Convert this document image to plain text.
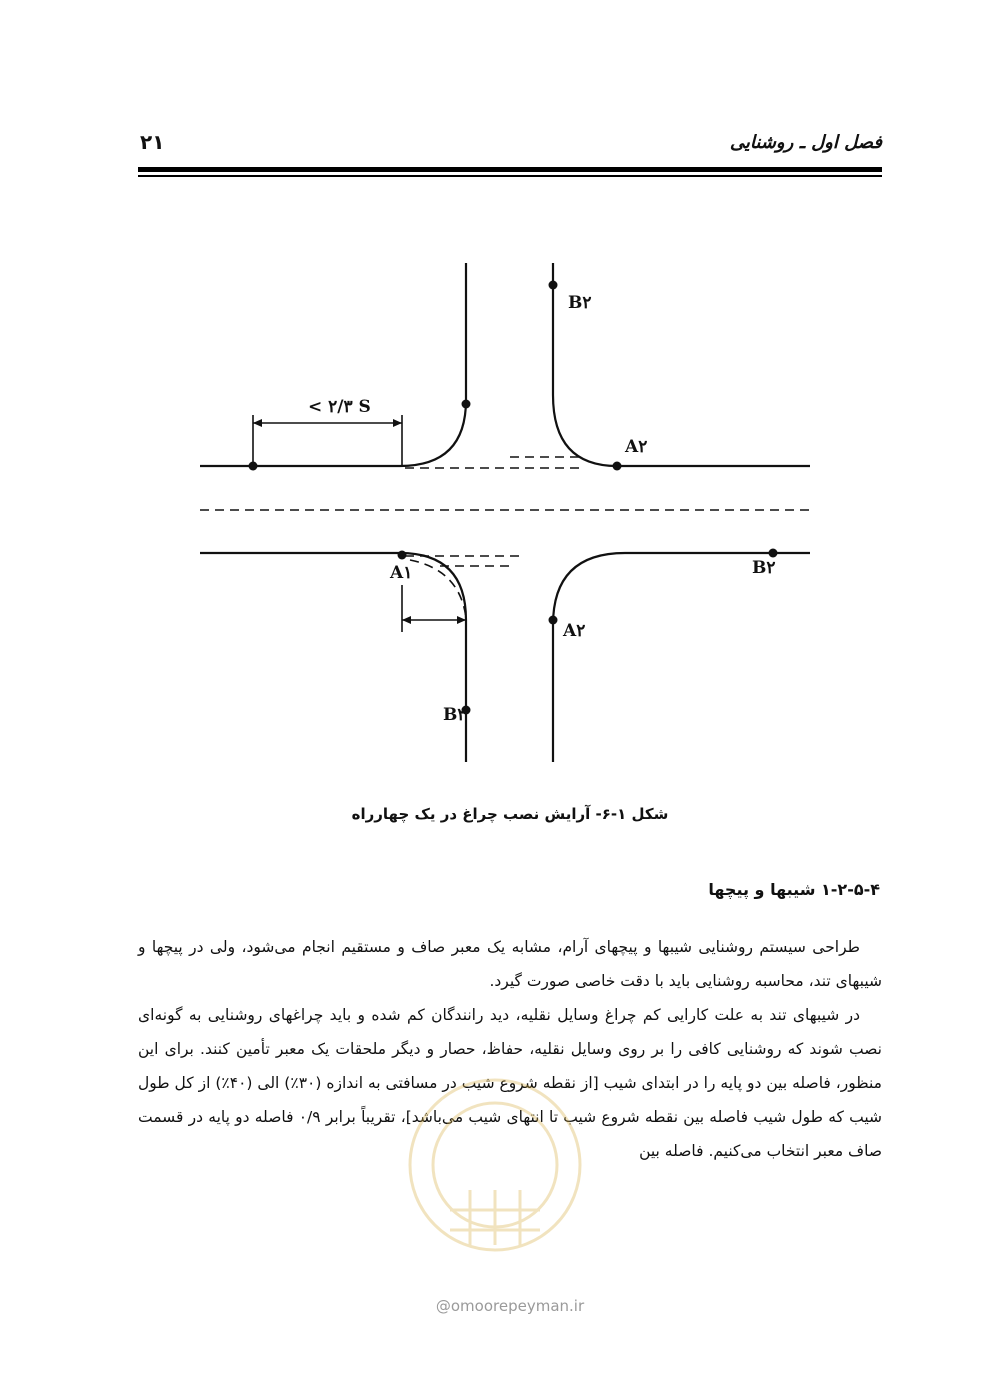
فصل اول ـ روشنایی
۲۱
< ۲/۳ S
B۲
A۲
A۱	B۲
A۲
B۲
شکل ۱-۶- آرایش نصب چراغ در یک چهارراه
۱-۲-۵-۴ شیبها و پیچها

طراحی سیستم روشنایی شیبها و پیچهای آرام، مشابه یک معبر صاف و مستقیم انجام می‌شود، ولی در پیچها و شیبهای تند، محاسبه روشنایی باید با دقت خاصی صورت گیرد.

در شیبهای تند به علت کارایی کم چراغ وسایل نقلیه، دید رانندگان کم شده و باید چراغهای روشنایی به گونه‌ای نصب شوند که روشنایی کافی را بر روی وسایل نقلیه، حفاظ، حصار و دیگر ملحقات یک معبر تأمین کنند. برای این منظور، فاصله بین دو پایه را در ابتدای شیب [از نقطه شروع شیب در مسافتی به اندازه (۳۰٪) الی (۴۰٪) از کل طول شیب که طول شیب فاصله بین نقطه شروع شیب تا انتهای شیب می‌باشد]، تقریباً برابر ۰/۹ فاصله دو پایه در قسمت صاف معبر انتخاب می‌کنیم. فاصله بین

@omoorepeyman.ir
